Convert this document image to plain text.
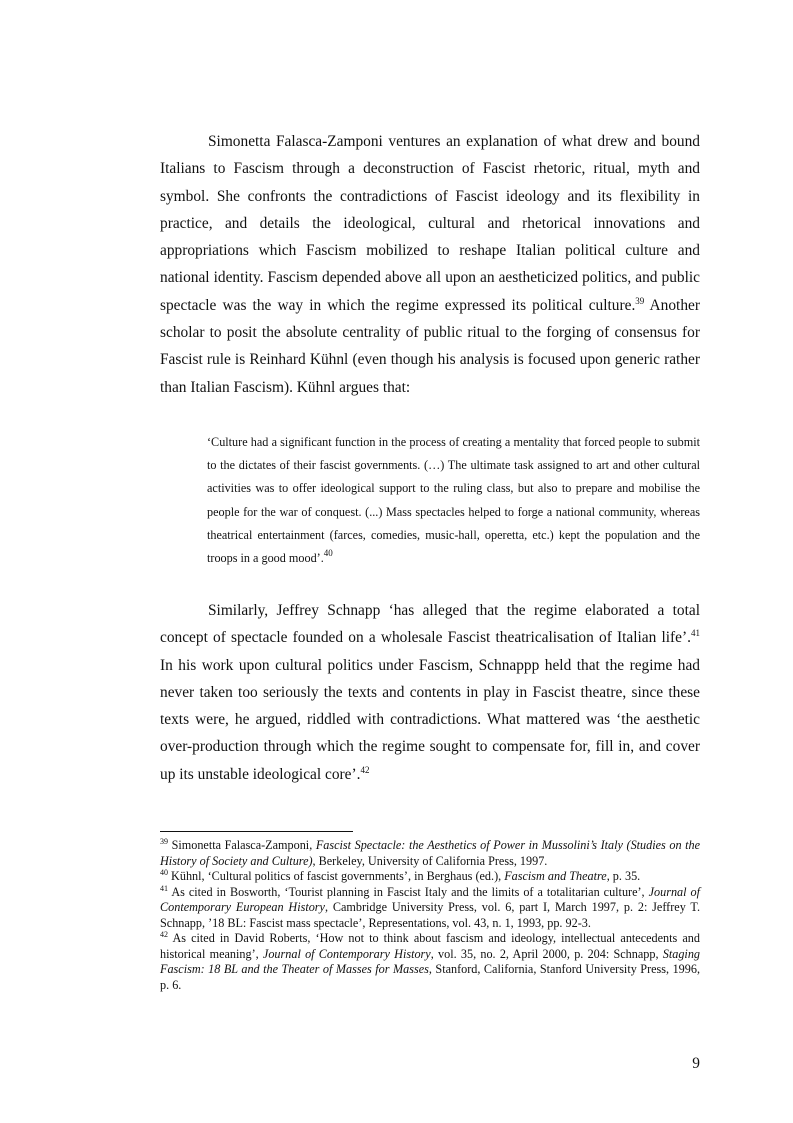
Simonetta Falasca-Zamponi ventures an explanation of what drew and bound Italians to Fascism through a deconstruction of Fascist rhetoric, ritual, myth and symbol. She confronts the contradictions of Fascist ideology and its flexibility in practice, and details the ideological, cultural and rhetorical innovations and appropriations which Fascism mobilized to reshape Italian political culture and national identity. Fascism depended above all upon an aestheticized politics, and public spectacle was the way in which the regime expressed its political culture.$^{39}$ Another scholar to posit the absolute centrality of public ritual to the forging of consensus for Fascist rule is Reinhard Kühnl (even though his analysis is focused upon generic rather than Italian Fascism). Kühnl argues that:

‘Culture had a significant function in the process of creating a mentality that forced people to submit to the dictates of their fascist governments. (…) The ultimate task assigned to art and other cultural activities was to offer ideological support to the ruling class, but also to prepare and mobilise the people for the war of conquest. (...) Mass spectacles helped to forge a national community, whereas theatrical entertainment (farces, comedies, music-hall, operetta, etc.) kept the population and the troops in a good mood’.$^{40}$

Similarly, Jeffrey Schnapp ‘has alleged that the regime elaborated a total concept of spectacle founded on a wholesale Fascist theatricalisation of Italian life’.$^{41}$ In his work upon cultural politics under Fascism, Schnappp held that the regime had never taken too seriously the texts and contents in play in Fascist theatre, since these texts were, he argued, riddled with contradictions. What mattered was ‘the aesthetic over-production through which the regime sought to compensate for, fill in, and cover up its unstable ideological core’.$^{42}$

$^{39}$ Simonetta Falasca-Zamponi, Fascist Spectacle: the Aesthetics of Power in Mussolini’s Italy (Studies on the History of Society and Culture), Berkeley, University of California Press, 1997.

$^{40}$ Kühnl, ‘Cultural politics of fascist governments’, in Berghaus (ed.), Fascism and Theatre, p. 35.

$^{41}$ As cited in Bosworth, ‘Tourist planning in Fascist Italy and the limits of a totalitarian culture’, Journal of Contemporary European History, Cambridge University Press, vol. 6, part I, March 1997, p. 2: Jeffrey T. Schnapp, ’18 BL: Fascist mass spectacle’, Representations, vol. 43, n. 1, 1993, pp. 92-3.

$^{42}$ As cited in David Roberts, ‘How not to think about fascism and ideology, intellectual antecedents and historical meaning’, Journal of Contemporary History, vol. 35, no. 2, April 2000, p. 204: Schnapp, Staging Fascism: 18 BL and the Theater of Masses for Masses, Stanford, California, Stanford University Press, 1996, p. 6.

9
